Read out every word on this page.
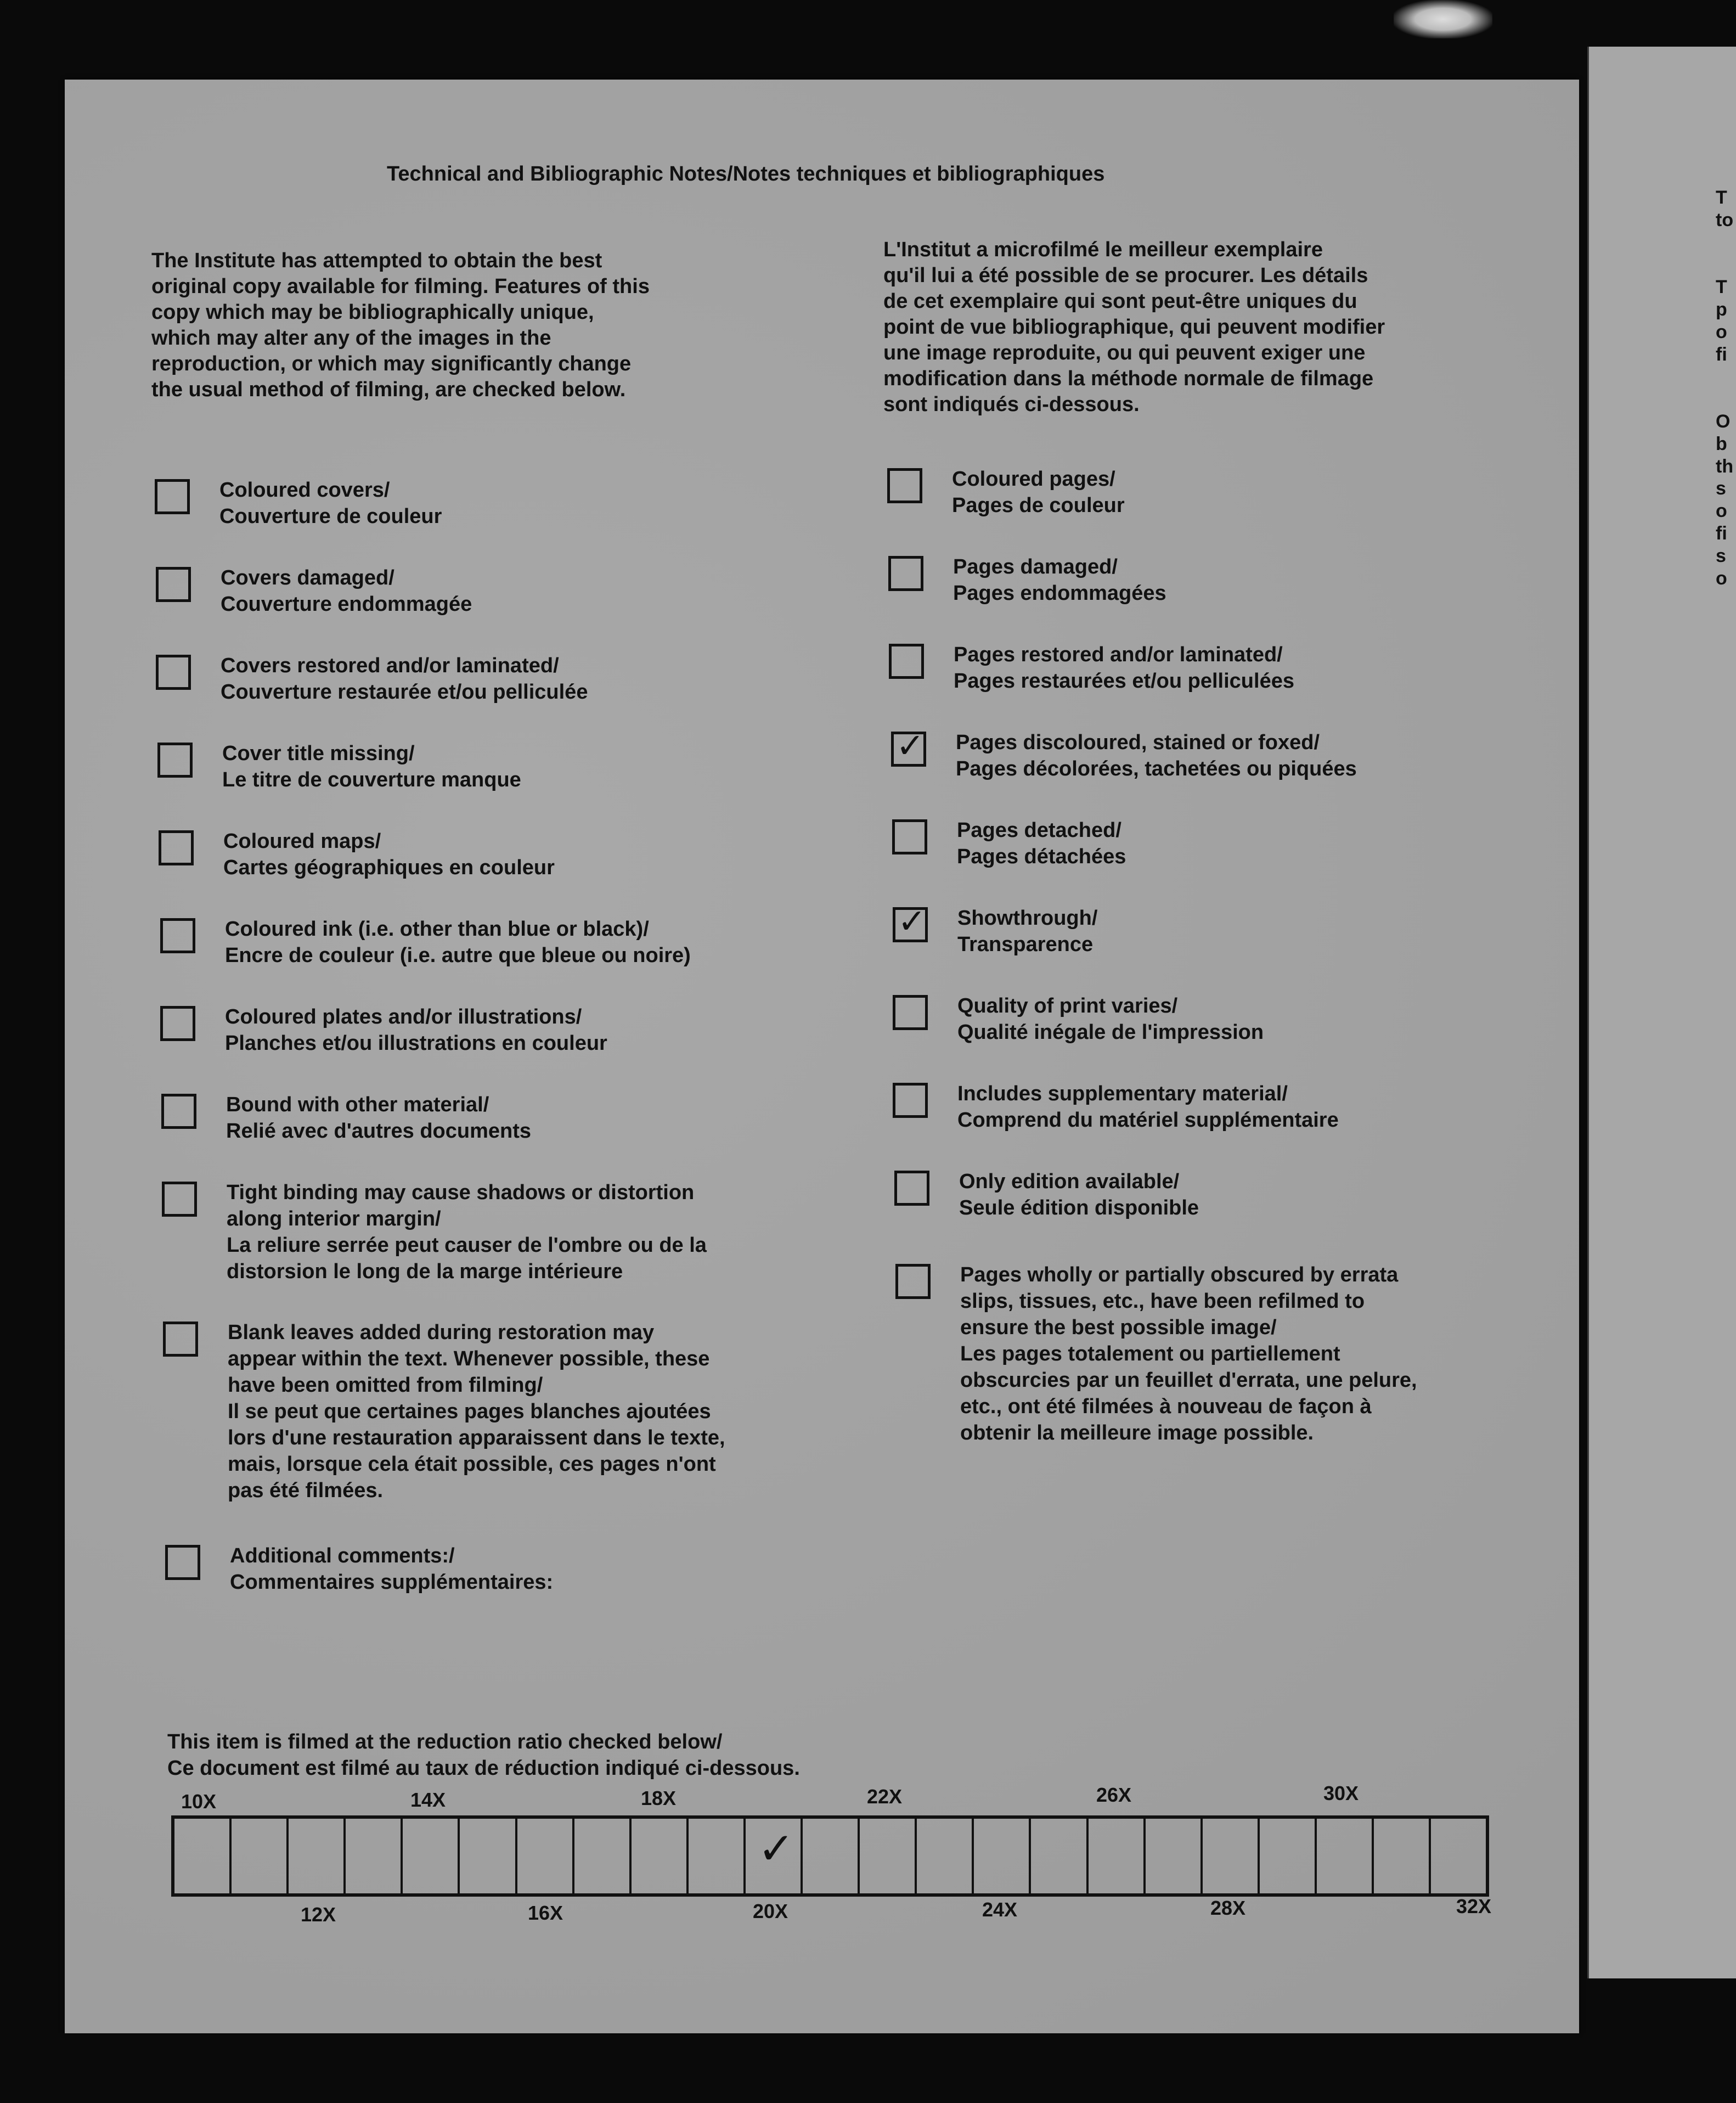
T
to

T
p
o
fi

O
b
th
s
o
fi
s
o
Technical and Bibliographic Notes/Notes techniques et bibliographiques
The Institute has attempted to obtain the best
original copy available for filming. Features of this
copy which may be bibliographically unique,
which may alter any of the images in the
reproduction, or which may significantly change
the usual method of filming, are checked below.
L'Institut a microfilmé le meilleur exemplaire
qu'il lui a été possible de se procurer. Les détails
de cet exemplaire qui sont peut-être uniques du
point de vue bibliographique, qui peuvent modifier
une image reproduite, ou qui peuvent exiger une
modification dans la méthode normale de filmage
sont indiqués ci-dessous.
Coloured covers/
Couverture de couleur
Covers damaged/
Couverture endommagée
Covers restored and/or laminated/
Couverture restaurée et/ou pelliculée
Cover title missing/
Le titre de couverture manque
Coloured maps/
Cartes géographiques en couleur
Coloured ink (i.e. other than blue or black)/
Encre de couleur (i.e. autre que bleue ou noire)
Coloured plates and/or illustrations/
Planches et/ou illustrations en couleur
Bound with other material/
Relié avec d'autres documents
Tight binding may cause shadows or distortion
along interior margin/
La reliure serrée peut causer de l'ombre ou de la
distorsion le long de la marge intérieure
Blank leaves added during restoration may
appear within the text. Whenever possible, these
have been omitted from filming/
Il se peut que certaines pages blanches ajoutées
lors d'une restauration apparaissent dans le texte,
mais, lorsque cela était possible, ces pages n'ont
pas été filmées.
Additional comments:/
Commentaires supplémentaires:
Coloured pages/
Pages de couleur
Pages damaged/
Pages endommagées
Pages restored and/or laminated/
Pages restaurées et/ou pelliculées
✓ Pages discoloured, stained or foxed/
Pages décolorées, tachetées ou piquées
Pages detached/
Pages détachées
✓ Showthrough/
Transparence
Quality of print varies/
Qualité inégale de l'impression
Includes supplementary material/
Comprend du matériel supplémentaire
Only edition available/
Seule édition disponible
Pages wholly or partially obscured by errata
slips, tissues, etc., have been refilmed to
ensure the best possible image/
Les pages totalement ou partiellement
obscurcies par un feuillet d'errata, une pelure,
etc., ont été filmées à nouveau de façon à
obtenir la meilleure image possible.
This item is filmed at the reduction ratio checked below/
Ce document est filmé au taux de réduction indiqué ci-dessous.
10X	14X	18X	22X	26X	30X
✓
12X	16X	20X	24X	28X	32X
